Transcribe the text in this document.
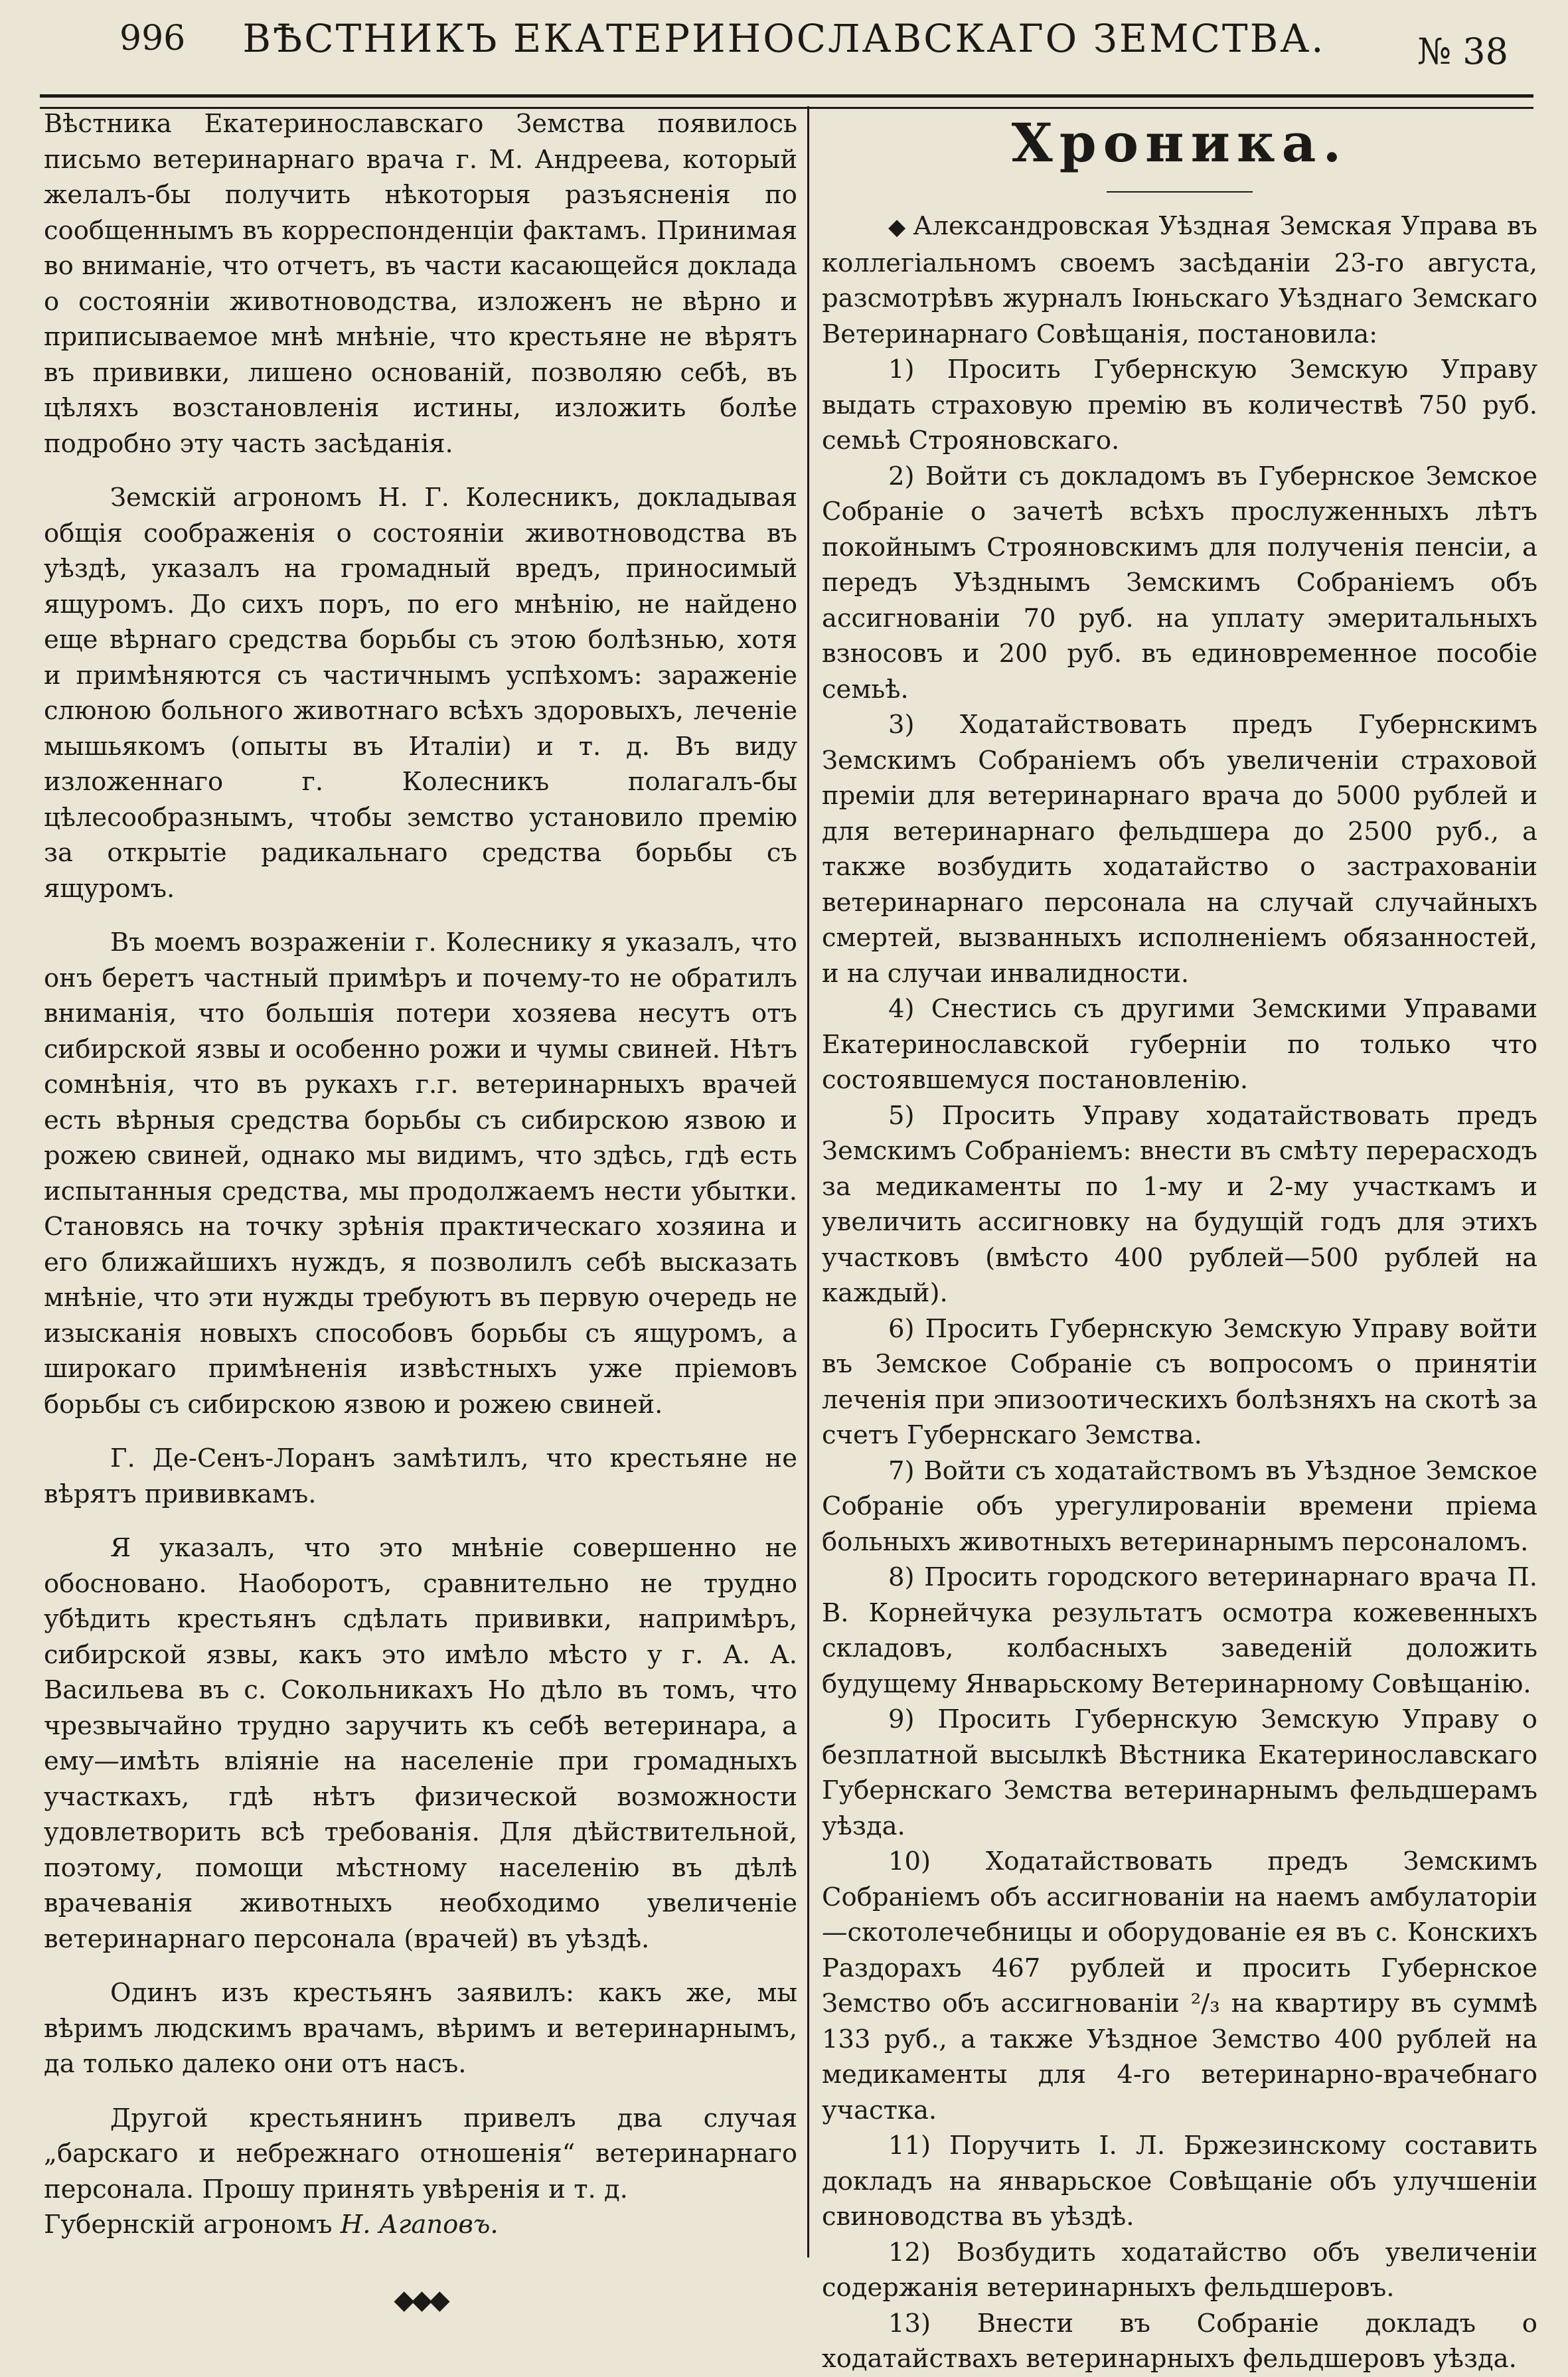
996	ВѢСТНИКЪ ЕКАТЕРИНОСЛАВСКАГО ЗЕМСТВА.	№ 38

Вѣстника Екатеринославскаго Земства появилось письмо ветеринарнаго врача г. М. Андреева, который желалъ-бы получить нѣкоторыя разъясненія по сообщеннымъ въ корреспонденціи фактамъ. Принимая во вниманіе, что отчетъ, въ части касающейся доклада о состояніи животноводства, изложенъ не вѣрно и приписываемое мнѣ мнѣніе, что крестьяне не вѣрятъ въ прививки, лишено основаній, позволяю себѣ, въ цѣляхъ возстановленія истины, изложить болѣе подробно эту часть засѣданія.

Земскій агрономъ Н. Г. Колесникъ, докладывая общія соображенія о состояніи животноводства въ уѣздѣ, указалъ на громадный вредъ, приносимый ящуромъ. До сихъ поръ, по его мнѣнію, не найдено еще вѣрнаго средства борьбы съ этою болѣзнью, хотя и примѣняются съ частичнымъ успѣхомъ: зараженіе слюною больного животнаго всѣхъ здоровыхъ, леченіе мышьякомъ (опыты въ Италіи) и т. д. Въ виду изложеннаго г. Колесникъ полагалъ-бы цѣлесообразнымъ, чтобы земство установило премію за открытіе радикальнаго средства борьбы съ ящуромъ.

Въ моемъ возраженіи г. Колеснику я указалъ, что онъ беретъ частный примѣръ и почему-то не обратилъ вниманія, что большія потери хозяева несутъ отъ сибирской язвы и особенно рожи и чумы свиней. Нѣтъ сомнѣнія, что въ рукахъ г.г. ветеринарныхъ врачей есть вѣрныя средства борьбы съ сибирскою язвою и рожею свиней, однако мы видимъ, что здѣсь, гдѣ есть испытанныя средства, мы продолжаемъ нести убытки. Становясь на точку зрѣнія практическаго хозяина и его ближайшихъ нуждъ, я позволилъ себѣ высказать мнѣніе, что эти нужды требуютъ въ первую очередь не изысканія новыхъ способовъ борьбы съ ящуромъ, а широкаго примѣненія извѣстныхъ уже пріемовъ борьбы съ сибирскою язвою и рожею свиней.

Г. Де-Сенъ-Лоранъ замѣтилъ, что крестьяне не вѣрятъ прививкамъ.

Я указалъ, что это мнѣніе совершенно не обосновано. Наоборотъ, сравнительно не трудно убѣдить крестьянъ сдѣлать прививки, напримѣръ, сибирской язвы, какъ это имѣло мѣсто у г. А. А. Васильева въ с. Сокольникахъ Но дѣло въ томъ, что чрезвычайно трудно заручить къ себѣ ветеринара, а ему—имѣть вліяніе на населеніе при громадныхъ участкахъ, гдѣ нѣтъ физической возможности удовлетворить всѣ требованія. Для дѣйствительной, поэтому, помощи мѣстному населенію въ дѣлѣ врачеванія животныхъ необходимо увеличеніе ветеринарнаго персонала (врачей) въ уѣздѣ.

Одинъ изъ крестьянъ заявилъ: какъ же, мы вѣримъ людскимъ врачамъ, вѣримъ и ветеринарнымъ, да только далеко они отъ насъ.

Другой крестьянинъ привелъ два случая „барскаго и небрежнаго отношенія“ ветеринарнаго персонала. Прошу принять увѣренія и т. д.

Губернскій агрономъ Н. Агаповъ.

◆◆◆
Хроника.

◆ Александровская Уѣздная Земская Управа въ коллегіальномъ своемъ засѣданіи 23-го августа, разсмотрѣвъ журналъ Іюньскаго Уѣзднаго Земскаго Ветеринарнаго Совѣщанія, постановила:

1) Просить Губернскую Земскую Управу выдать страховую премію въ количествѣ 750 руб. семьѣ Строяновскаго.

2) Войти съ докладомъ въ Губернское Земское Собраніе о зачетѣ всѣхъ прослуженныхъ лѣтъ покойнымъ Строяновскимъ для полученія пенсіи, а передъ Уѣзднымъ Земскимъ Собраніемъ объ ассигнованіи 70 руб. на уплату эмеритальныхъ взносовъ и 200 руб. въ единовременное пособіе семьѣ.

3) Ходатайствовать предъ Губернскимъ Земскимъ Собраніемъ объ увеличеніи страховой преміи для ветеринарнаго врача до 5000 рублей и для ветеринарнаго фельдшера до 2500 руб., а также возбудить ходатайство о застрахованіи ветеринарнаго персонала на случай случайныхъ смертей, вызванныхъ исполненіемъ обязанностей, и на случаи инвалидности.

4) Снестись съ другими Земскими Управами Екатеринославской губерніи по только что состоявшемуся постановленію.

5) Просить Управу ходатайствовать предъ Земскимъ Собраніемъ: внести въ смѣту перерасходъ за медикаменты по 1-му и 2-му участкамъ и увеличить ассигновку на будущій годъ для этихъ участковъ (вмѣсто 400 рублей—500 рублей на каждый).

6) Просить Губернскую Земскую Управу войти въ Земское Собраніе съ вопросомъ о принятіи леченія при эпизоотическихъ болѣзняхъ на скотѣ за счетъ Губернскаго Земства.

7) Войти съ ходатайствомъ въ Уѣздное Земское Собраніе объ урегулированіи времени пріема больныхъ животныхъ ветеринарнымъ персоналомъ.

8) Просить городского ветеринарнаго врача П. В. Корнейчука результатъ осмотра кожевенныхъ складовъ, колбасныхъ заведеній доложить будущему Январьскому Ветеринарному Совѣщанію.

9) Просить Губернскую Земскую Управу о безплатной высылкѣ Вѣстника Екатеринославскаго Губернскаго Земства ветеринарнымъ фельдшерамъ уѣзда.

10) Ходатайствовать предъ Земскимъ Собраніемъ объ ассигнованіи на наемъ амбулаторіи—скотолечебницы и оборудованіе ея въ с. Конскихъ Раздорахъ 467 рублей и просить Губернское Земство объ ассигнованіи ²/₃ на квартиру въ суммѣ 133 руб., а также Уѣздное Земство 400 рублей на медикаменты для 4-го ветеринарно-врачебнаго участка.

11) Поручить І. Л. Бржезинскому составить докладъ на январьское Совѣщаніе объ улучшеніи свиноводства въ уѣздѣ.

12) Возбудить ходатайство объ увеличеніи содержанія ветеринарныхъ фельдшеровъ.

13) Внести въ Собраніе докладъ о ходатайствахъ ветеринарныхъ фельдшеровъ уѣзда.
